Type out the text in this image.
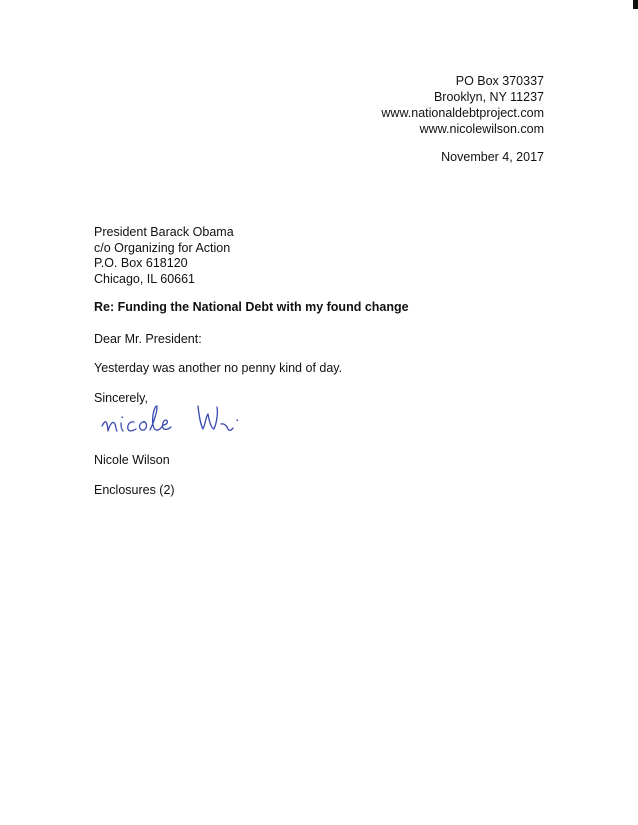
PO Box 370337
Brooklyn, NY 11237
www.nationaldebtproject.com
www.nicolewilson.com
November 4, 2017
President Barack Obama
c/o Organizing for Action
P.O. Box 618120
Chicago, IL 60661
Re: Funding the National Debt with my found change
Dear Mr. President:
Yesterday was another no penny kind of day.
Sincerely,
Nicole Wilson
Enclosures (2)
